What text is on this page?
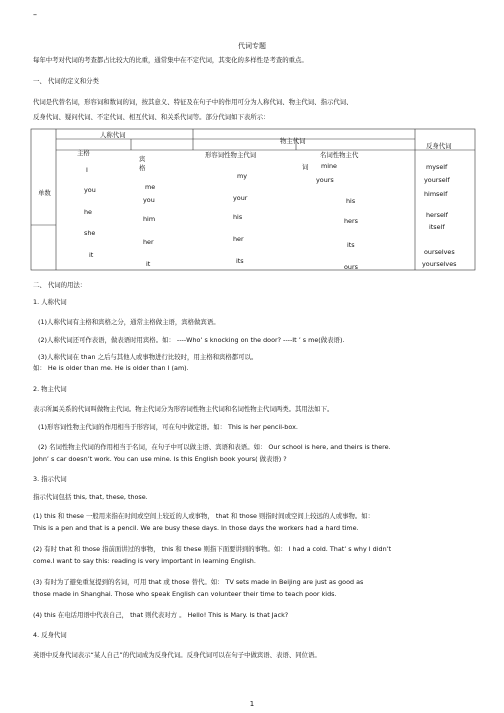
–
代词专题
每年中考对代词的考查都占比较大的比重，通常集中在不定代词，其变化的多样性是考查的重点。
一、 代词的定义和分类
代词是代替名词，形容词和数词的词，按其意义、特征及在句子中的作用可分为人称代词、物主代词、指示代词、
反身代词、疑问代词、不定代词、相互代词、和关系代词等。部分代词如下表所示：
人称代词
物主代词
反身代词
主格
宾格
形容词性物主代词	名词性物主代
单数
I
me
you
you
he
him
she
her
it
it
my
your
his
her
its
词 mine
yours
his
hers
its
ours
myself
yourself
himself
herself
itself
ourselves
yourselves
二、 代词的用法：
1. 人称代词
(1)人称代词有主格和宾格之分，通常主格做主语，宾格做宾语。
(2)人称代词还可作表语，做表语时用宾格。如： ----Who’ s knocking on the door? ----It ’ s me(做表语).
(3)人称代词在 than 之后与其他人或事物进行比较时，用主格和宾格都可以。
如： He is older than me. He is older than I (am).
2. 物主代词
表示所属关系的代词叫做物主代词。物主代词分为形容词性物主代词和名词性物主代词两类。其用法如下。
(1)形容词性物主代词的作用相当于形容词，可在句中做定语。如： This is her pencil-box.
(2) 名词性物主代词的作用相当于名词，在句子中可以做主语、宾语和表语。如： Our school is here, and theirs is there.
John’ s car doesn’t work. You can use mine. Is this English book yours( 做表语) ?
3. 指示代词
指示代词包括 this, that, these, those.
(1) this 和 these 一般用来指在时间或空间上较近的人或事物， that 和 those 则指时间或空间上较远的人或事物。如：
This is a pen and that is a pencil. We are busy these days. In those days the workers had a hard time.
(2) 有时 that 和 those 指前面讲过的事物， this 和 these 则指下面要讲到的事物。如： I had a cold. That’ s why I didn’t
come.I want to say this: reading is very important in learning English.
(3) 有时为了避免重复提到的名词，可用 that 或 those 替代。如： TV sets made in Beijing are just as good as
those made in Shanghai. Those who speak English can volunteer their time to teach poor kids.
(4) this 在电话用语中代表自己， that 则代表对方 。 Hello! This is Mary. Is that Jack?
4. 反身代词
英语中反身代词表示“某人自己”的代词成为反身代词。反身代词可以在句子中做宾语、表语、同位语。
1
